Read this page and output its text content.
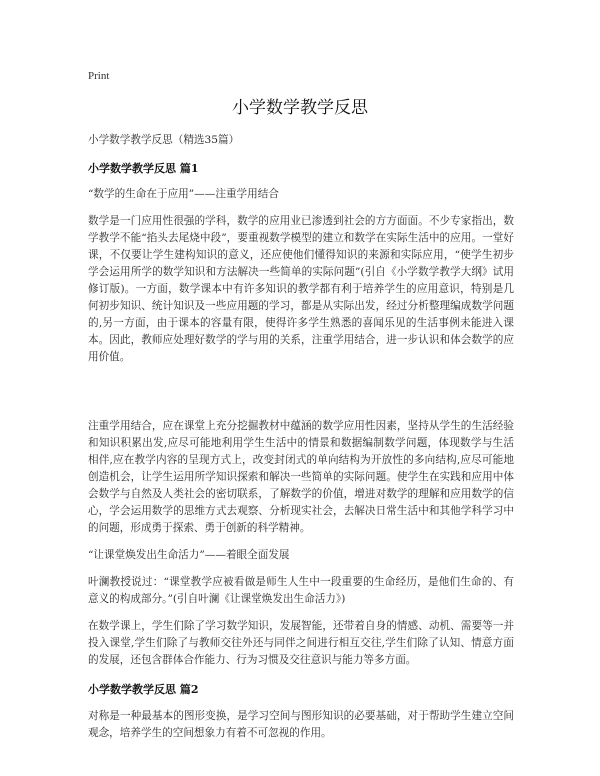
Print
小学数学教学反思
小学数学教学反思（精选35篇）
小学数学教学反思 篇1
“数学的生命在于应用”——注重学用结合
数学是一门应用性很强的学科，数学的应用业已渗透到社会的方方面面。不少专家指出，数学教学不能“掐头去尾烧中段”，要重视数学模型的建立和数学在实际生活中的应用。一堂好课，不仅要让学生建构知识的意义，还应使他们懂得知识的来源和实际应用，“使学生初步学会运用所学的数学知识和方法解决一些简单的实际问题”(引自《小学数学教学大纲》试用修订版)。一方面，数学课本中有许多知识的教学都有利于培养学生的应用意识，特别是几何初步知识、统计知识及一些应用题的学习，都是从实际出发，经过分析整理编成数学问题的,另一方面，由于课本的容量有限，使得许多学生熟悉的喜闻乐见的生活事例未能进入课本。因此，教师应处理好数学的学与用的关系，注重学用结合，进一步认识和体会数学的应用价值。
注重学用结合，应在课堂上充分挖掘教材中蕴涵的数学应用性因素，坚持从学生的生活经验和知识积累出发,应尽可能地利用学生生活中的情景和数据编制数学问题，体现数学与生活相伴,应在教学内容的呈现方式上，改变封闭式的单向结构为开放性的多向结构,应尽可能地创造机会，让学生运用所学知识探索和解决一些简单的实际问题。使学生在实践和应用中体会数学与自然及人类社会的密切联系，了解数学的价值，增进对数学的理解和应用数学的信心，学会运用数学的思维方式去观察、分析现实社会，去解决日常生活中和其他学科学习中的问题，形成勇于探索、勇于创新的科学精神。
“让课堂焕发出生命活力”——着眼全面发展
叶澜教授说过：“课堂教学应被看做是师生人生中一段重要的生命经历，是他们生命的、有意义的构成部分。”(引自叶澜《让课堂焕发出生命活力》)
在数学课上，学生们除了学习数学知识，发展智能，还带着自身的情感、动机、需要等一并投入课堂,学生们除了与教师交往外还与同伴之间进行相互交往,学生们除了认知、情意方面的发展，还包含群体合作能力、行为习惯及交往意识与能力等多方面。
小学数学教学反思 篇2
对称是一种最基本的图形变换，是学习空间与图形知识的必要基础，对于帮助学生建立空间观念，培养学生的空间想象力有着不可忽视的作用。
